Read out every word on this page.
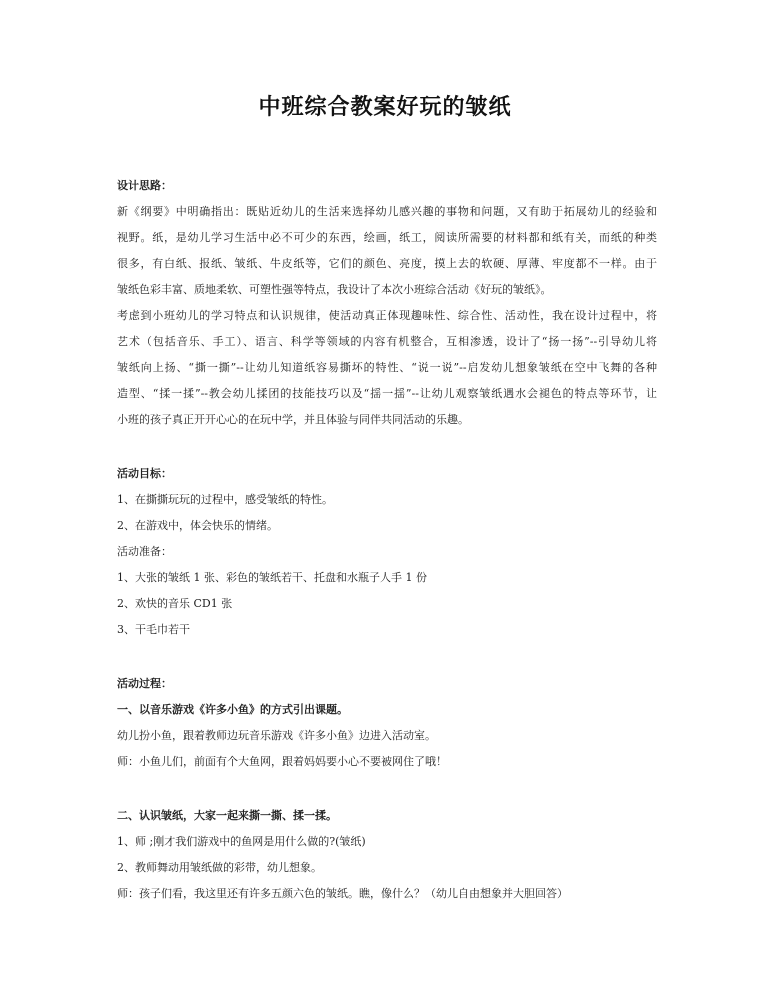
中班综合教案好玩的皱纸
设计思路：
新《纲要》中明确指出：既贴近幼儿的生活来选择幼儿感兴趣的事物和问题，又有助于拓展幼儿的经验和
视野。纸，是幼儿学习生活中必不可少的东西，绘画，纸工，阅读所需要的材料都和纸有关，而纸的种类
很多，有白纸、报纸、皱纸、牛皮纸等，它们的颜色、亮度，摸上去的软硬、厚薄、牢度都不一样。由于
皱纸色彩丰富、质地柔软、可塑性强等特点，我设计了本次小班综合活动《好玩的皱纸》。
考虑到小班幼儿的学习特点和认识规律，使活动真正体现趣味性、综合性、活动性，我在设计过程中，将
艺术（包括音乐、手工）、语言、科学等领域的内容有机整合，互相渗透，设计了“扬一扬”--引导幼儿将
皱纸向上扬、“撕一撕”--让幼儿知道纸容易撕坏的特性、“说一说”--启发幼儿想象皱纸在空中飞舞的各种
造型、“揉一揉”--教会幼儿揉团的技能技巧以及“揺一揺”--让幼儿观察皱纸遇水会褪色的特点等环节，让
小班的孩子真正开开心心的在玩中学，并且体验与同伴共同活动的乐趣。
活动目标：
1、在撕撕玩玩的过程中，感受皱纸的特性。
2、在游戏中，体会快乐的情绪。
活动准备：
1、大张的皱纸 1 张、彩色的皱纸若干、托盘和水瓶子人手 1 份
2、欢快的音乐 CD1 张
3、干毛巾若干
活动过程：
一、以音乐游戏《许多小鱼》的方式引出课题。
幼儿扮小鱼，跟着教师边玩音乐游戏《许多小鱼》边进入活动室。
师：小鱼儿们，前面有个大鱼网，跟着妈妈要小心不要被网住了哦！
二、认识皱纸，大家一起来撕一撕、揉一揉。
1、师 ;刚才我们游戏中的鱼网是用什么做的?(皱纸)
2、教师舞动用皱纸做的彩带，幼儿想象。
师：孩子们看，我这里还有许多五颜六色的皱纸。瞧，像什么？（幼儿自由想象并大胆回答）
